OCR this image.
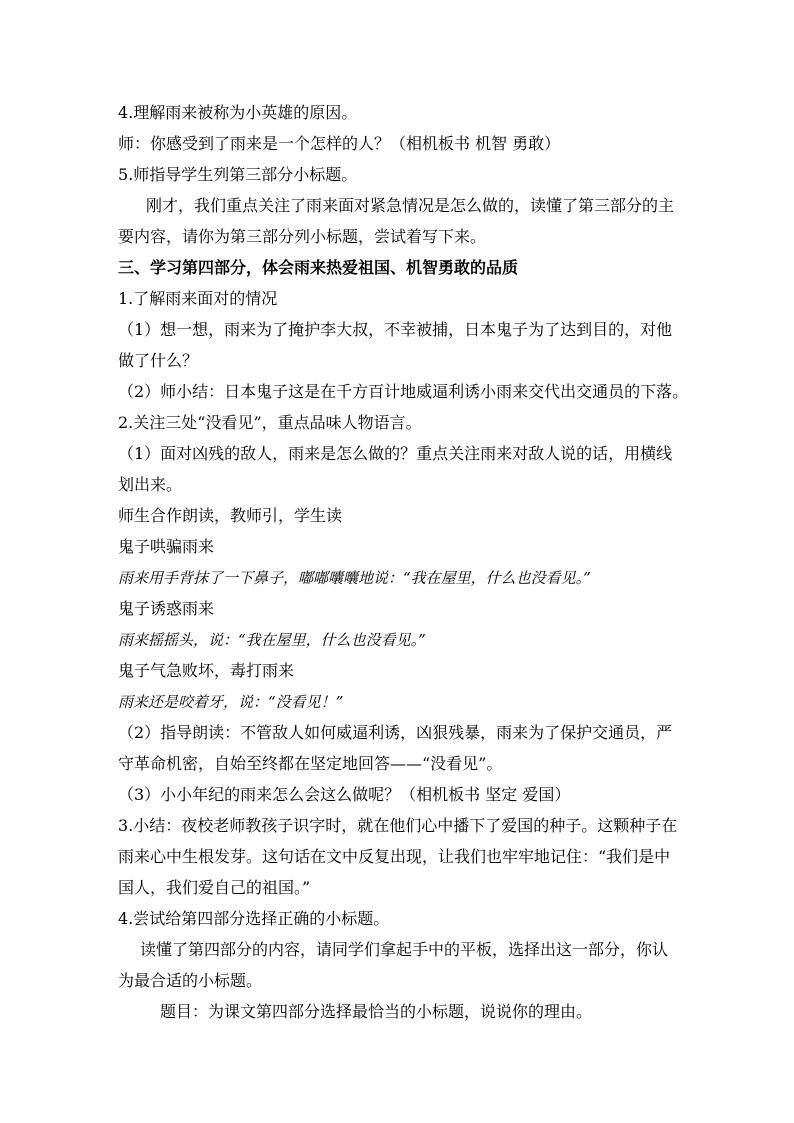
4.理解雨来被称为小英雄的原因。
师：你感受到了雨来是一个怎样的人？（相机板书 机智 勇敢）
5.师指导学生列第三部分小标题。
刚才，我们重点关注了雨来面对紧急情况是怎么做的，读懂了第三部分的主
要内容，请你为第三部分列小标题，尝试着写下来。
三、学习第四部分，体会雨来热爱祖国、机智勇敢的品质
1.了解雨来面对的情况
（1）想一想，雨来为了掩护李大叔，不幸被捕，日本鬼子为了达到目的，对他
做了什么？
（2）师小结：日本鬼子这是在千方百计地威逼利诱小雨来交代出交通员的下落。
2.关注三处“没看见”，重点品味人物语言。
（1）面对凶残的敌人，雨来是怎么做的？重点关注雨来对敌人说的话，用横线
划出来。
师生合作朗读，教师引，学生读
鬼子哄骗雨来
雨来用手背抹了一下鼻子，嘟嘟囔囔地说：“我在屋里，什么也没看见。”
鬼子诱惑雨来
雨来摇摇头，说：“我在屋里，什么也没看见。”
鬼子气急败坏，毒打雨来
雨来还是咬着牙，说：“没看见！”
（2）指导朗读：不管敌人如何威逼利诱，凶狠残暴，雨来为了保护交通员，严
守革命机密，自始至终都在坚定地回答——“没看见”。
（3）小小年纪的雨来怎么会这么做呢？（相机板书 坚定 爱国）
3.小结：夜校老师教孩子识字时，就在他们心中播下了爱国的种子。这颗种子在
雨来心中生根发芽。这句话在文中反复出现，让我们也牢牢地记住：“我们是中
国人，我们爱自己的祖国。”
4.尝试给第四部分选择正确的小标题。
读懂了第四部分的内容，请同学们拿起手中的平板，选择出这一部分，你认
为最合适的小标题。
题目：为课文第四部分选择最恰当的小标题，说说你的理由。
